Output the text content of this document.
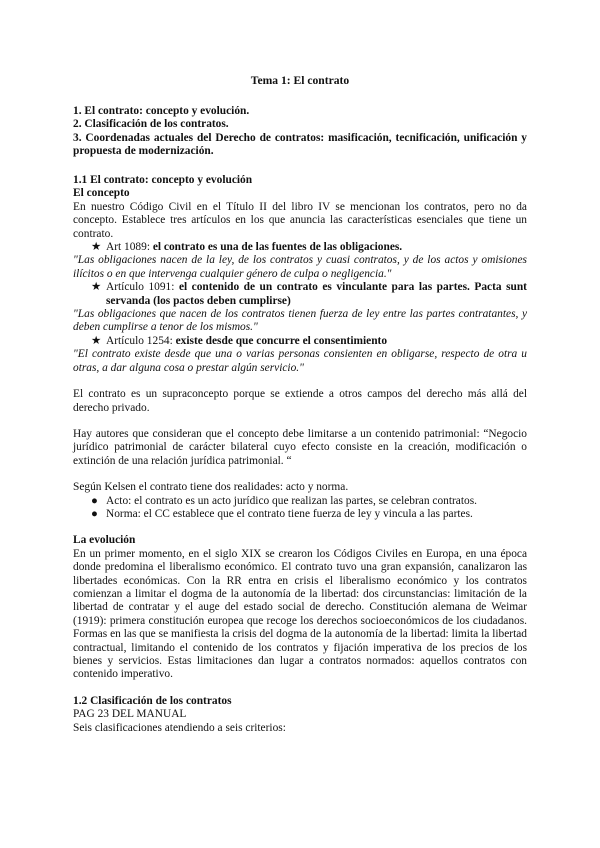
Tema 1: El contrato
1. El contrato: concepto y evolución.
2. Clasificación de los contratos.
3. Coordenadas actuales del Derecho de contratos: masificación, tecnificación, unificación y propuesta de modernización.
1.1 El contrato: concepto y evolución
El concepto
En nuestro Código Civil en el Título II del libro IV se mencionan los contratos, pero no da concepto. Establece tres artículos en los que anuncia las características esenciales que tiene un contrato.
★ Art 1089: el contrato es una de las fuentes de las obligaciones.
"Las obligaciones nacen de la ley, de los contratos y cuasi contratos, y de los actos y omisiones ilícitos o en que intervenga cualquier género de culpa o negligencia."
★ Artículo 1091: el contenido de un contrato es vinculante para las partes. Pacta sunt servanda (los pactos deben cumplirse)
"Las obligaciones que nacen de los contratos tienen fuerza de ley entre las partes contratantes, y deben cumplirse a tenor de los mismos."
★ Artículo 1254: existe desde que concurre el consentimiento
"El contrato existe desde que una o varias personas consienten en obligarse, respecto de otra u otras, a dar alguna cosa o prestar algún servicio."
El contrato es un supraconcepto porque se extiende a otros campos del derecho más allá del derecho privado.
Hay autores que consideran que el concepto debe limitarse a un contenido patrimonial: “Negocio jurídico patrimonial de carácter bilateral cuyo efecto consiste en la creación, modificación o extinción de una relación jurídica patrimonial. “
Según Kelsen el contrato tiene dos realidades: acto y norma.
● Acto: el contrato es un acto jurídico que realizan las partes, se celebran contratos.
● Norma: el CC establece que el contrato tiene fuerza de ley y vincula a las partes.
La evolución
En un primer momento, en el siglo XIX se crearon los Códigos Civiles en Europa, en una época donde predomina el liberalismo económico. El contrato tuvo una gran expansión, canalizaron las libertades económicas. Con la RR entra en crisis el liberalismo económico y los contratos comienzan a limitar el dogma de la autonomía de la libertad: dos circunstancias: limitación de la libertad de contratar y el auge del estado social de derecho. Constitución alemana de Weimar (1919): primera constitución europea que recoge los derechos socioeconómicos de los ciudadanos. Formas en las que se manifiesta la crisis del dogma de la autonomía de la libertad: limita la libertad contractual, limitando el contenido de los contratos y fijación imperativa de los precios de los bienes y servicios. Estas limitaciones dan lugar a contratos normados: aquellos contratos con contenido imperativo.
1.2 Clasificación de los contratos
PAG 23 DEL MANUAL
Seis clasificaciones atendiendo a seis criterios:
